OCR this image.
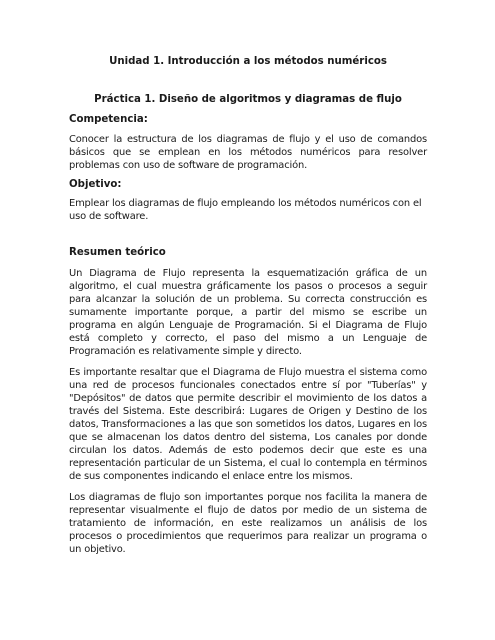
Unidad 1. Introducción a los métodos numéricos

Práctica 1. Diseño de algoritmos y diagramas de flujo

Competencia:

Conocer la estructura de los diagramas de flujo y el uso de comandos básicos que se emplean en los métodos numéricos para resolver problemas con uso de software de programación.

Objetivo:

Emplear los diagramas de flujo empleando los métodos numéricos con el uso de software.

Resumen teórico

Un Diagrama de Flujo representa la esquematización gráfica de un algoritmo, el cual muestra gráficamente los pasos o procesos a seguir para alcanzar la solución de un problema. Su correcta construcción es sumamente importante porque, a partir del mismo se escribe un programa en algún Lenguaje de Programación. Si el Diagrama de Flujo está completo y correcto, el paso del mismo a un Lenguaje de Programación es relativamente simple y directo.

Es importante resaltar que el Diagrama de Flujo muestra el sistema como una red de procesos funcionales conectados entre sí por "Tuberías" y "Depósitos" de datos que permite describir el movimiento de los datos a través del Sistema. Este describirá: Lugares de Origen y Destino de los datos, Transformaciones a las que son sometidos los datos, Lugares en los que se almacenan los datos dentro del sistema, Los canales por donde circulan los datos. Además de esto podemos decir que este es una representación particular de un Sistema, el cual lo contempla en términos de sus componentes indicando el enlace entre los mismos.

Los diagramas de flujo son importantes porque nos facilita la manera de representar visualmente el flujo de datos por medio de un sistema de tratamiento de información, en este realizamos un análisis de los procesos o procedimientos que requerimos para realizar un programa o un objetivo.
